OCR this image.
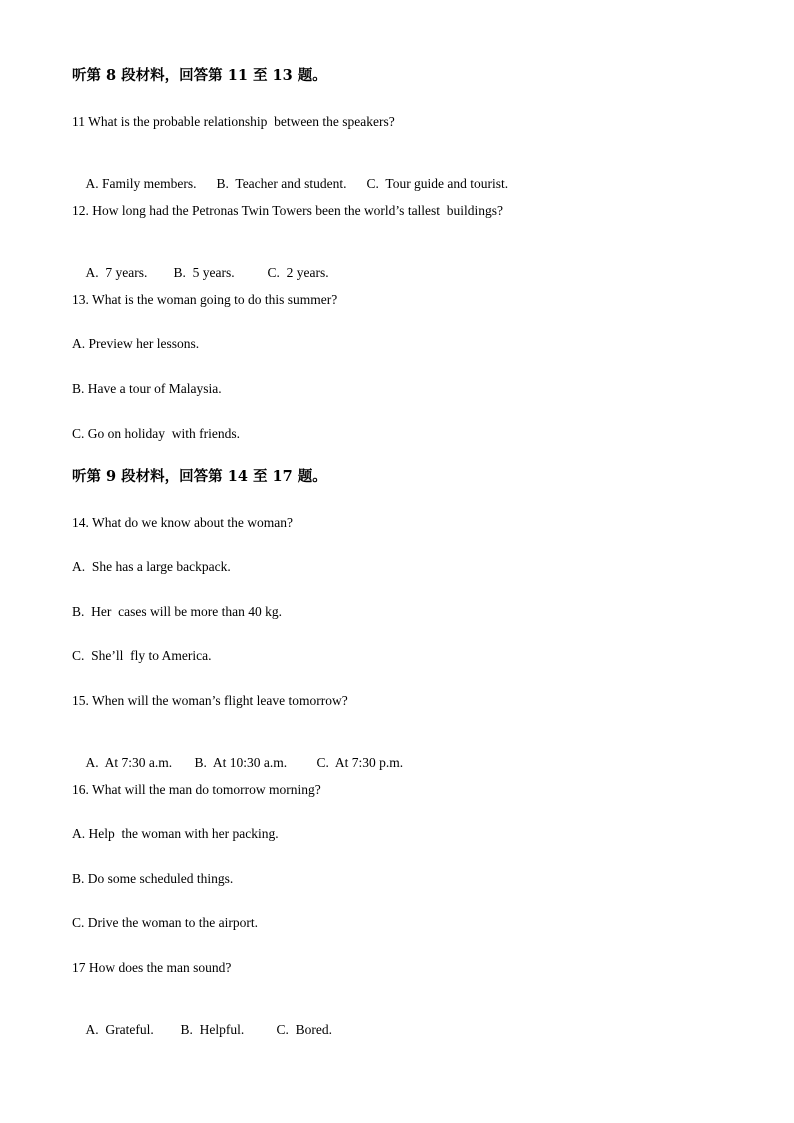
听第 8 段材料，回答第 11 至 13 题。
11 What is the probable relationship  between the speakers?

A. Family members. B.  Teacher and student. C.  Tour guide and tourist.

12. How long had the Petronas Twin Towers been the world’s tallest  buildings?

A.  7 years. B.  5 years. C.  2 years.

13. What is the woman going to do this summer?
A. Preview her lessons.
B. Have a tour of Malaysia.
C. Go on holiday  with friends.
听第 9 段材料，回答第 14 至 17 题。
14. What do we know about the woman?
A.  She has a large backpack.
B.  Her  cases will be more than 40 kg.
C.  She’ll  fly to America.
15. When will the woman’s flight leave tomorrow?

A.  At 7:30 a.m. B.  At 10:30 a.m. C.  At 7:30 p.m.

16. What will the man do tomorrow morning?
A. Help  the woman with her packing.
B. Do some scheduled things.
C. Drive the woman to the airport.
17 How does the man sound?

A.  Grateful. B.  Helpful. C.  Bored.
